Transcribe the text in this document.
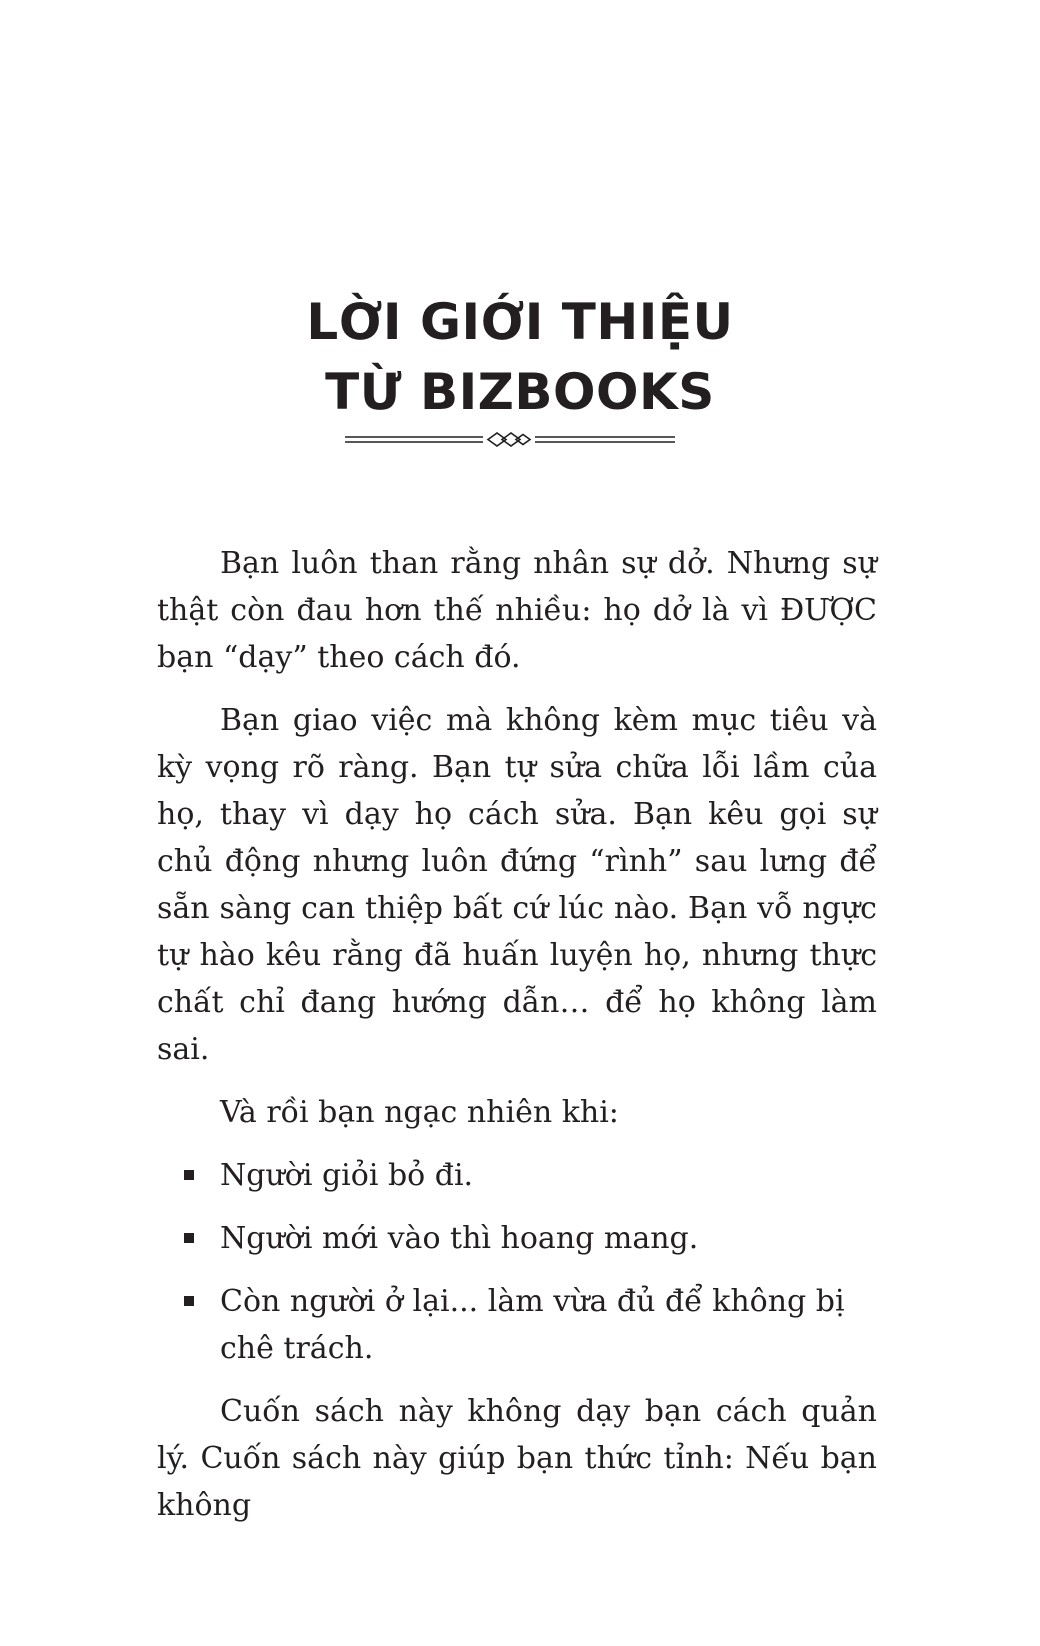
LỜI GIỚI THIỆU
TỪ BIZBOOKS

Bạn luôn than rằng nhân sự dở. Nhưng sự thật còn đau hơn thế nhiều: họ dở là vì ĐƯỢC bạn “dạy” theo cách đó.

Bạn giao việc mà không kèm mục tiêu và kỳ vọng rõ ràng. Bạn tự sửa chữa lỗi lầm của họ, thay vì dạy họ cách sửa. Bạn kêu gọi sự chủ động nhưng luôn đứng “rình” sau lưng để sẵn sàng can thiệp bất cứ lúc nào. Bạn vỗ ngực tự hào kêu rằng đã huấn luyện họ, nhưng thực chất chỉ đang hướng dẫn… để họ không làm sai.

Và rồi bạn ngạc nhiên khi:

Người giỏi bỏ đi.
Người mới vào thì hoang mang.
Còn người ở lại... làm vừa đủ để không bị chê trách.

Cuốn sách này không dạy bạn cách quản lý. Cuốn sách này giúp bạn thức tỉnh: Nếu bạn không
